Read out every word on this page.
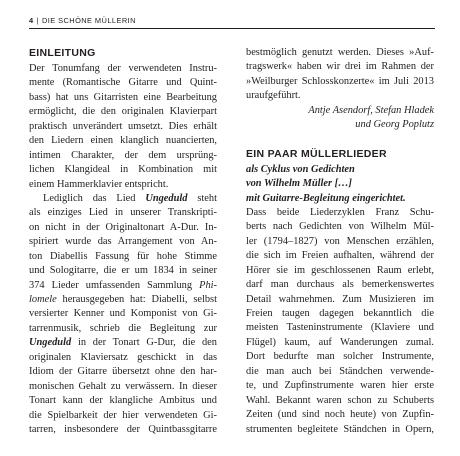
4 | DIE SCHÖNE MÜLLERIN
EINLEITUNG
Der Tonumfang der verwendeten Instru-
mente (Romantische Gitarre und Quint-
bass) hat uns Gitarristen eine Bearbeitung
ermöglicht, die den originalen Klavierpart
praktisch unverändert umsetzt. Dies erhält
den Liedern einen klanglich nuancierten,
intimen Charakter, der dem ursprüng-
lichen Klangideal in Kombination mit
einem Hammerklavier entspricht.
Lediglich das Lied Ungeduld steht
als einziges Lied in unserer Transkripti-
on nicht in der Originaltonart A-Dur. In-
spiriert wurde das Arrangement von An-
ton Diabellis Fassung für hohe Stimme
und Sologitarre, die er um 1834 in seiner
374 Lieder umfassenden Sammlung Phi-
lomele herausgegeben hat: Diabelli, selbst
versierter Kenner und Komponist von Gi-
tarrenmusik, schrieb die Begleitung zur
Ungeduld in der Tonart G-Dur, die den
originalen Klaviersatz geschickt in das
Idiom der Gitarre übersetzt ohne den har-
monischen Gehalt zu verwässern. In dieser
Tonart kann der klangliche Ambitus und
die Spielbarkeit der hier verwendeten Gi-
tarren, insbesondere der Quintbassgitarre
bestmöglich genutzt werden. Dieses »Auf-
tragswerk« haben wir drei im Rahmen der
»Weilburger Schlosskonzerte« im Juli 2013
uraufgeführt.
Antje Asendorf, Stefan Hladek
und Georg Poplutz
EIN PAAR MÜLLERLIEDER
als Cyklus von Gedichten
von Wilhelm Müller […]
mit Guitarre-Begleitung eingerichtet.
Dass beide Liederzyklen Franz Schu-
berts nach Gedichten von Wilhelm Mül-
ler (1794–1827) von Menschen erzählen,
die sich im Freien aufhalten, während der
Hörer sie im geschlossenen Raum erlebt,
darf man durchaus als bemerkenswertes
Detail wahrnehmen. Zum Musizieren im
Freien taugen dagegen bekanntlich die
meisten Tasteninstrumente (Klaviere und
Flügel) kaum, auf Wanderungen zumal.
Dort bedurfte man solcher Instrumente,
die man auch bei Ständchen verwende-
te, und Zupfinstrumente waren hier erste
Wahl. Bekannt waren schon zu Schuberts
Zeiten (und sind noch heute) von Zupfin-
strumenten begleitete Ständchen in Opern,
